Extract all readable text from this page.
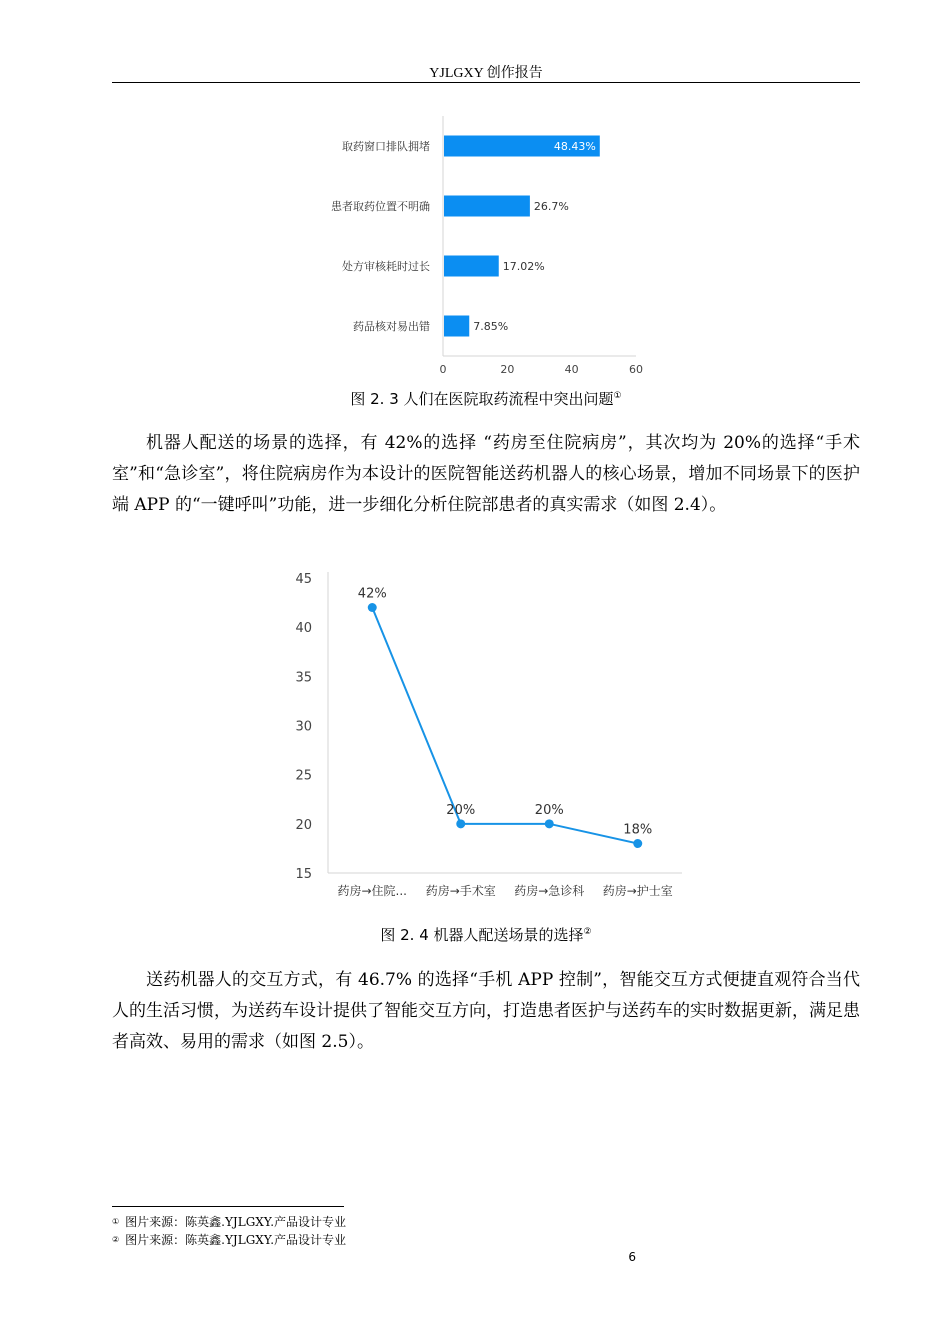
YJLGXY 创作报告
取药窗口排队拥堵	48.43%
患者取药位置不明确	26.7%
处方审核耗时过长	17.02%
药品核对易出错	7.85%
0	20	40	60
图 2. 3 人们在医院取药流程中突出问题①

机器人配送的场景的选择，有 42%的选择 “药房至住院病房”，其次均为 20%的选择“手术室”和“急诊室”，将住院病房作为本设计的医院智能送药机器人的核心场景，增加不同场景下的医护端 APP 的“一键呼叫”功能，进一步细化分析住院部患者的真实需求（如图 2.4）。

15
20
25
30
35
40
45
42%
20%	20%
18%
药房→住院... 药房→手术室 药房→急诊科 药房→护士室
图 2. 4 机器人配送场景的选择②

送药机器人的交互方式，有 46.7% 的选择“手机 APP 控制”，智能交互方式便捷直观符合当代人的生活习惯，为送药车设计提供了智能交互方向，打造患者医护与送药车的实时数据更新，满足患者高效、易用的需求（如图 2.5）。

① 图片来源：陈英鑫.YJLGXY.产品设计专业
② 图片来源：陈英鑫.YJLGXY.产品设计专业
6
